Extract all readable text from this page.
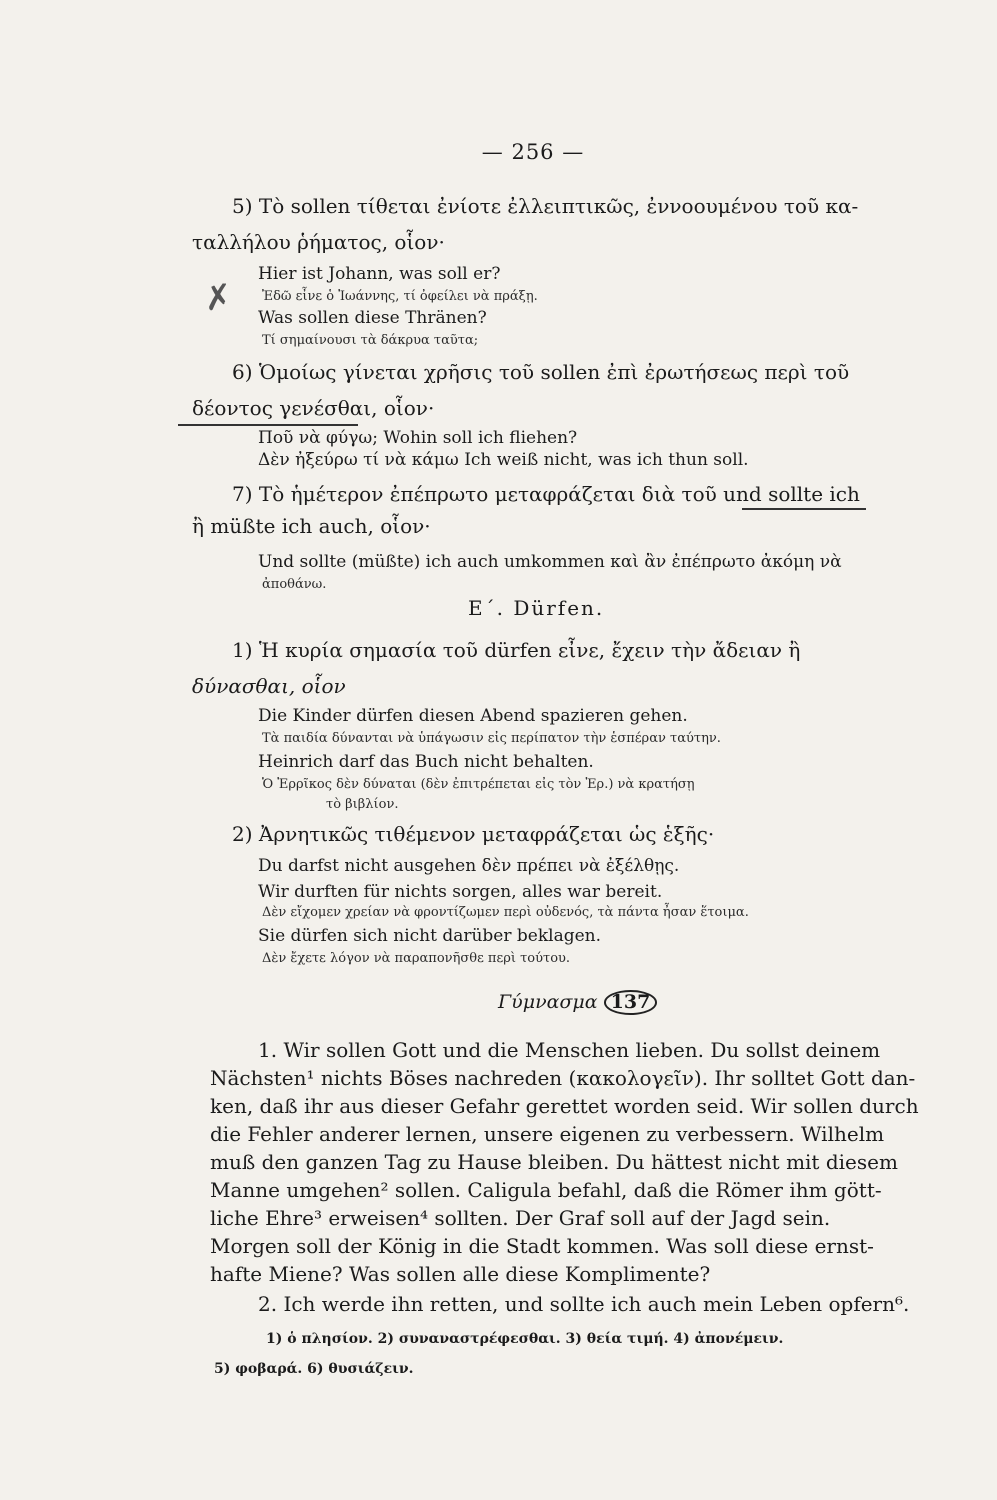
— 256 —
✗
5) Τὸ sollen τίθεται ἐνίοτε ἐλλειπτικῶς, ἐννοουμένου τοῦ κα-
ταλλήλου ῥήματος, οἷον·
Hier ist Johann, was soll er?
Ἐδῶ εἶνε ὁ Ἰωάννης, τί ὀφείλει νὰ πράξῃ.
Was sollen diese Thränen?
Τί σημαίνουσι τὰ δάκρυα ταῦτα;
6) Ὁμοίως γίνεται χρῆσις τοῦ sollen ἐπὶ ἐρωτήσεως περὶ τοῦ
δέοντος γενέσθαι, οἷον·
Ποῦ νὰ φύγω; Wohin soll ich fliehen?
Δὲν ἠξεύρω τί νὰ κάμω Ich weiß nicht, was ich thun soll.
7) Τὸ ἡμέτερον ἐπέπρωτο μεταφράζεται διὰ τοῦ und sollte ich
ἢ müßte ich auch, οἷον·
Und sollte (müßte) ich auch umkommen καὶ ἂν ἐπέπρωτο ἀκόμη νὰ
ἀποθάνω.
Ε΄. Dürfen.
1) Ἡ κυρία σημασία τοῦ dürfen εἶνε, ἔχειν τὴν ἄδειαν ἢ
δύνασθαι, οἷον
Die Kinder dürfen diesen Abend spazieren gehen.
Τὰ παιδία δύνανται νὰ ὑπάγωσιν εἰς περίπατον τὴν ἑσπέραν ταύτην.
Heinrich darf das Buch nicht behalten.
Ὁ Ἐρρῖκος δὲν δύναται (δὲν ἐπιτρέπεται εἰς τὸν Ἐρ.) νὰ κρατήσῃ
τὸ βιβλίον.
2) Ἀρνητικῶς τιθέμενον μεταφράζεται ὡς ἑξῆς·
Du darfst nicht ausgehen δὲν πρέπει νὰ ἐξέλθῃς.
Wir durften für nichts sorgen, alles war bereit.
Δὲν εἴχομεν χρείαν νὰ φροντίζωμεν περὶ οὐδενός, τὰ πάντα ἦσαν ἕτοιμα.
Sie dürfen sich nicht darüber beklagen.
Δὲν ἔχετε λόγον νὰ παραπονῆσθε περὶ τούτου.
Γύμνασμα 137
1. Wir sollen Gott und die Menschen lieben. Du sollst deinem
Nächsten¹ nichts Böses nachreden (κακολογεῖν). Ihr solltet Gott dan-
ken, daß ihr aus dieser Gefahr gerettet worden seid. Wir sollen durch
die Fehler anderer lernen, unsere eigenen zu verbessern. Wilhelm
muß den ganzen Tag zu Hause bleiben. Du hättest nicht mit diesem
Manne umgehen² sollen. Caligula befahl, daß die Römer ihm gött-
liche Ehre³ erweisen⁴ sollten. Der Graf soll auf der Jagd sein.
Morgen soll der König in die Stadt kommen. Was soll diese ernst-
hafte Miene? Was sollen alle diese Komplimente?
2. Ich werde ihn retten, und sollte ich auch mein Leben opfern⁶.
1) ὁ πλησίον. 2) συναναστρέφεσθαι. 3) θεία τιμή. 4) ἀπονέμειν.
5) φοβαρά. 6) θυσιάζειν.
